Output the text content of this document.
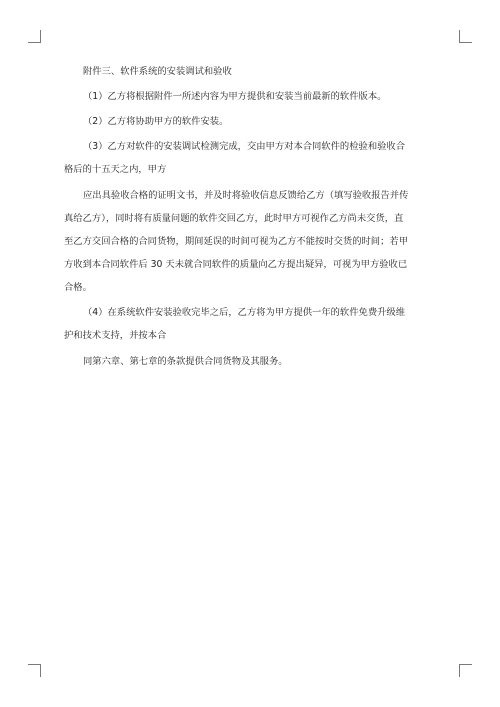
附件三、软件系统的安装调试和验收
（1）乙方将根据附件一所述内容为甲方提供和安装当前最新的软件版本。
（2）乙方将协助甲方的软件安装。
（3）乙方对软件的安装调试检测完成，交由甲方对本合同软件的检验和验收合
格后的十五天之内，甲方
应出具验收合格的证明文书，并及时将验收信息反馈给乙方（填写验收报告并传
真给乙方），同时将有质量问题的软件交回乙方，此时甲方可视作乙方尚未交货，直
至乙方交回合格的合同货物，期间延误的时间可视为乙方不能按时交货的时间；若甲
方收到本合同软件后 30 天未就合同软件的质量向乙方提出疑异，可视为甲方验收已
合格。
（4）在系统软件安装验收完毕之后，乙方将为甲方提供一年的软件免费升级维
护和技术支持，并按本合
同第六章、第七章的条款提供合同货物及其服务。
